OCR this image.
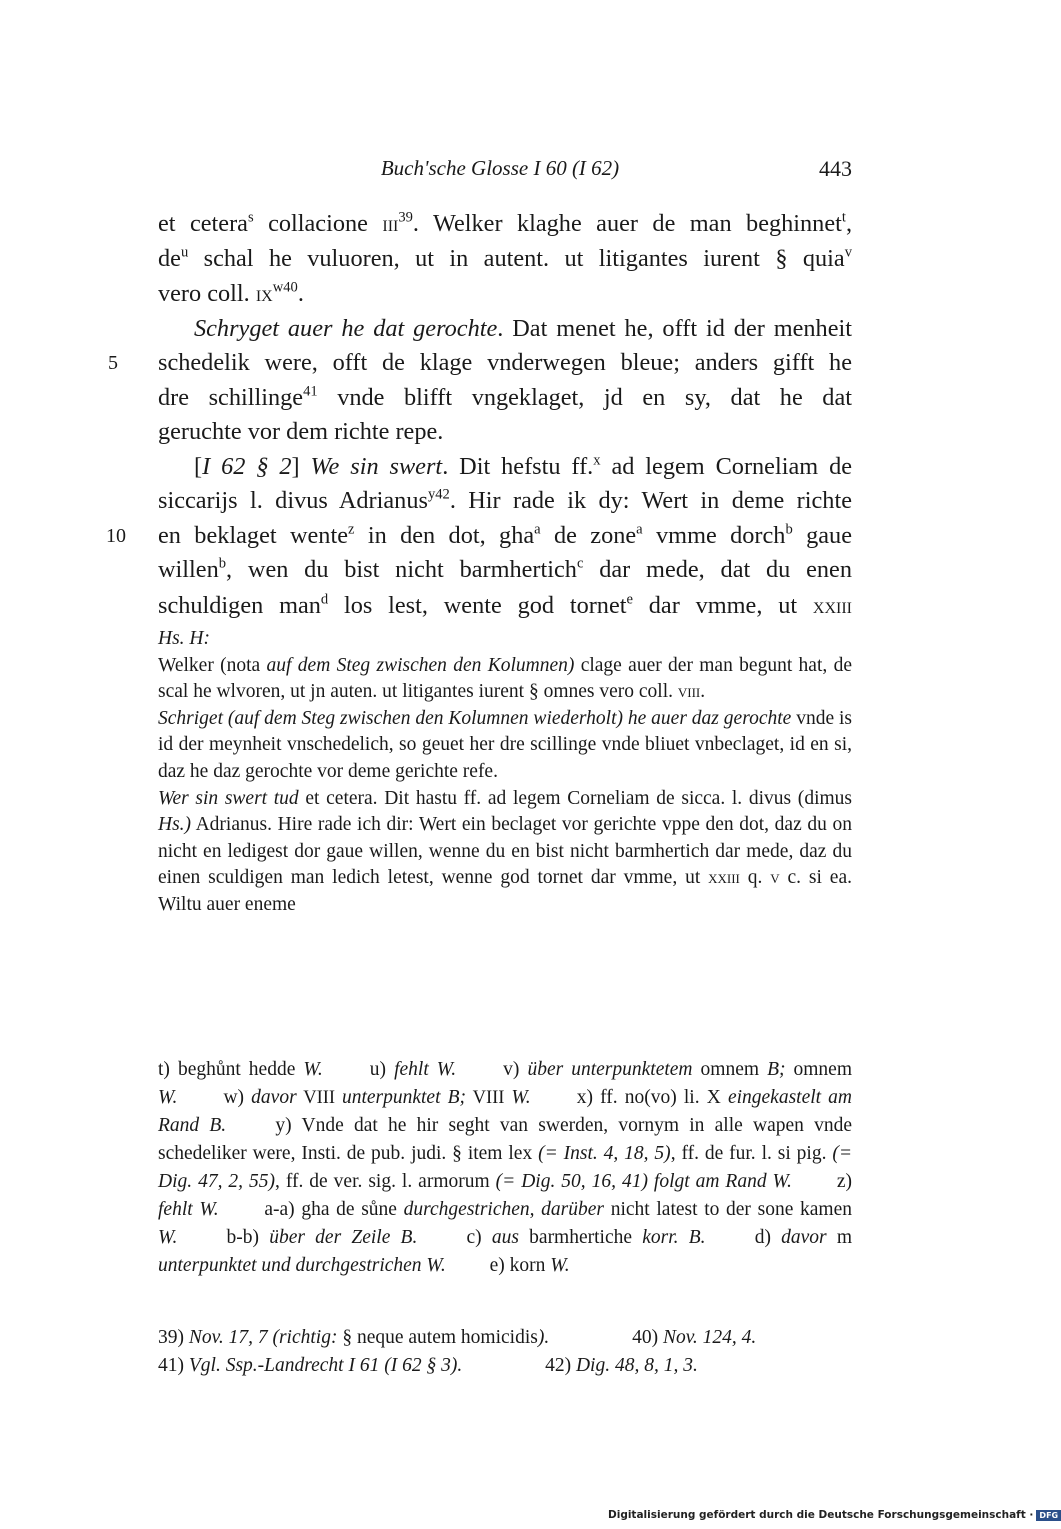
Buch'sche Glosse I 60 (I 62)	443
et cetera$^s$ collacione iii$^{39}$. Welker klaghe auer de man beghinnet$^t$,
$de^u$ schal he vuluoren, ut in autent. ut litigantes iurent § quia$^v$
vero coll. $ix^{w40}$.
Schryget auer he dat gerochte. Dat menet he, offt id der menheit
5	schedelik were, offt de klage vnderwegen bleue; anders gifft he
dre schillinge$^{41}$ vnde blifft vngeklaget, jd en sy, dat he dat
geruchte vor dem richte repe.
[I 62 § 2] We sin swert. Dit hefstu ff.$^x$ ad legem Corneliam de
siccarijs l. divus Adrianus$^{y42}$. Hir rade ik dy: Wert in deme richte
10 en beklaget wente$^z$ in den dot, gha$^a$ de zone$^a$ vmme dorch$^b$ gaue
willen$^b$, wen du bist nicht barmhertich$^c$ dar mede, dat du enen
schuldigen man$^d$ los lest, wente god tornet$^e$ dar vmme, ut xxiii
Hs. H:
Welker (nota auf dem Steg zwischen den Kolumnen) clage auer der man begunt hat, de scal he wlvoren, ut jn auten. ut litigantes iurent § omnes vero coll. viii.
Schriget (auf dem Steg zwischen den Kolumnen wiederholt) he auer daz gerochte vnde is id der meynheit vnschedelich, so geuet her dre scillinge vnde bliuet vnbeclaget, id en si, daz he daz gerochte vor deme gerichte refe.
Wer sin swert tud et cetera. Dit hastu ff. ad legem Corneliam de sicca. l. divus (dimus Hs.) Adrianus. Hire rade ich dir: Wert ein beclaget vor gerichte vppe den dot, daz du on nicht en ledigest dor gaue willen, wenne du en bist nicht barmhertich dar mede, daz du einen sculdigen man ledich letest, wenne god tornet dar vmme, ut xxiii q. v c. si ea. Wiltu auer eneme
t) beghůnt hedde W.   u) fehlt W.   v) über unterpunktetem omnem B; omnem W.   w) davor VIII unterpunktet B; VIII W.   x) ff. no(vo) li. X eingekastelt am Rand B.  	y) Vnde dat he hir seght van swerden, vornym in alle wapen vnde schedeliker were, Insti. de pub. judi. § item lex (= Inst. 4, 18, 5), ff. de fur. l. si pig. (= Dig. 47, 2, 55), ff. de ver. sig. l. armorum (= Dig. 50, 16, 41) folgt am Rand W.   z) fehlt W.   a-a) gha de sůne durchgestrichen, darüber nicht latest to der sone kamen W.  	b-b) über der Zeile B.  	c) aus barmhertiche korr. B.  	d) davor m unterpunktet und durchgestrichen W.   e) korn W.
39) Nov. 17, 7 (richtig: § neque autem homicidis).    	40) Nov. 124, 4.
41) Vgl. Ssp.-Landrecht I 61 (I 62 § 3).    	42) Dig. 48, 8, 1, 3.
Digitalisierung gefördert durch die Deutsche Forschungsgemeinschaft · DFG
